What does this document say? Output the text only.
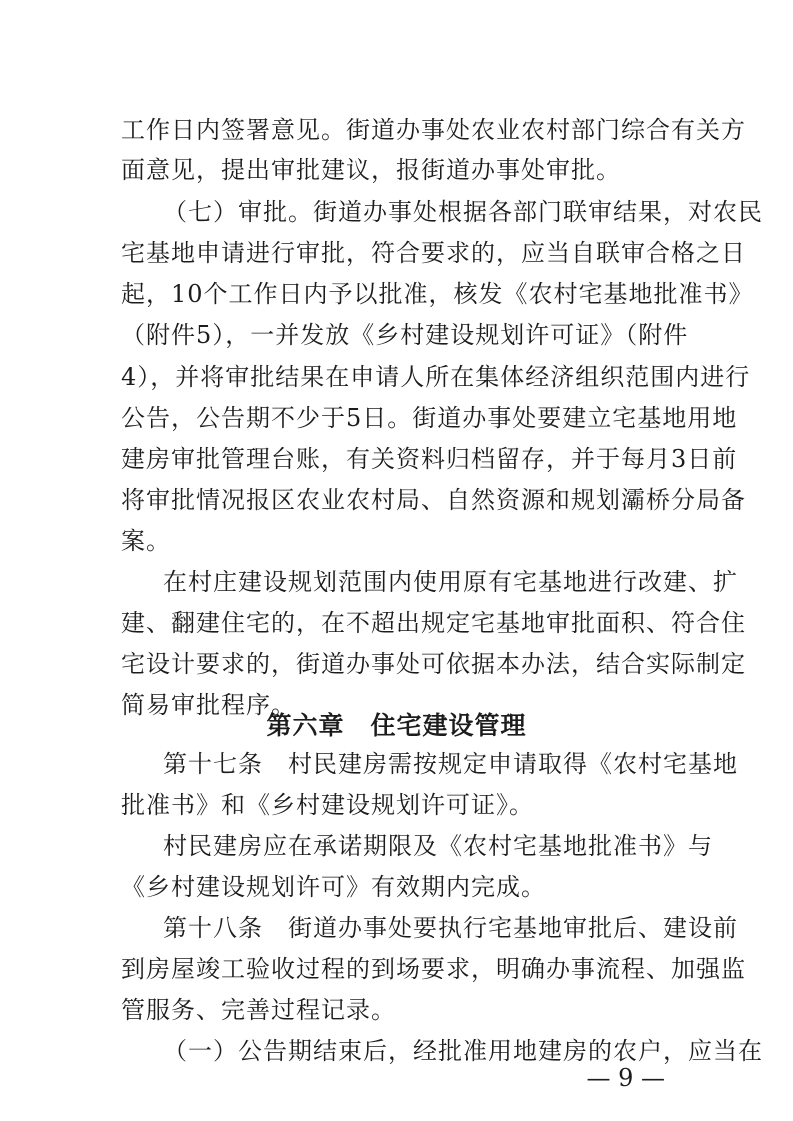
工作日内签署意见。街道办事处农业农村部门综合有关方
面意见，提出审批建议，报街道办事处审批。
（七）审批。街道办事处根据各部门联审结果，对农民
宅基地申请进行审批，符合要求的，应当自联审合格之日
起，10个工作日内予以批准，核发《农村宅基地批准书》
（附件5），一并发放《乡村建设规划许可证》（附件
4），并将审批结果在申请人所在集体经济组织范围内进行
公告，公告期不少于5日。街道办事处要建立宅基地用地
建房审批管理台账，有关资料归档留存，并于每月3日前
将审批情况报区农业农村局、自然资源和规划灞桥分局备
案。
在村庄建设规划范围内使用原有宅基地进行改建、扩
建、翻建住宅的，在不超出规定宅基地审批面积、符合住
宅设计要求的，街道办事处可依据本办法，结合实际制定
简易审批程序。
第六章　住宅建设管理
第十七条　村民建房需按规定申请取得《农村宅基地
批准书》和《乡村建设规划许可证》。
村民建房应在承诺期限及《农村宅基地批准书》与
《乡村建设规划许可》有效期内完成。
第十八条　街道办事处要执行宅基地审批后、建设前
到房屋竣工验收过程的到场要求，明确办事流程、加强监
管服务、完善过程记录。
（一）公告期结束后，经批准用地建房的农户，应当在
— 9 —
